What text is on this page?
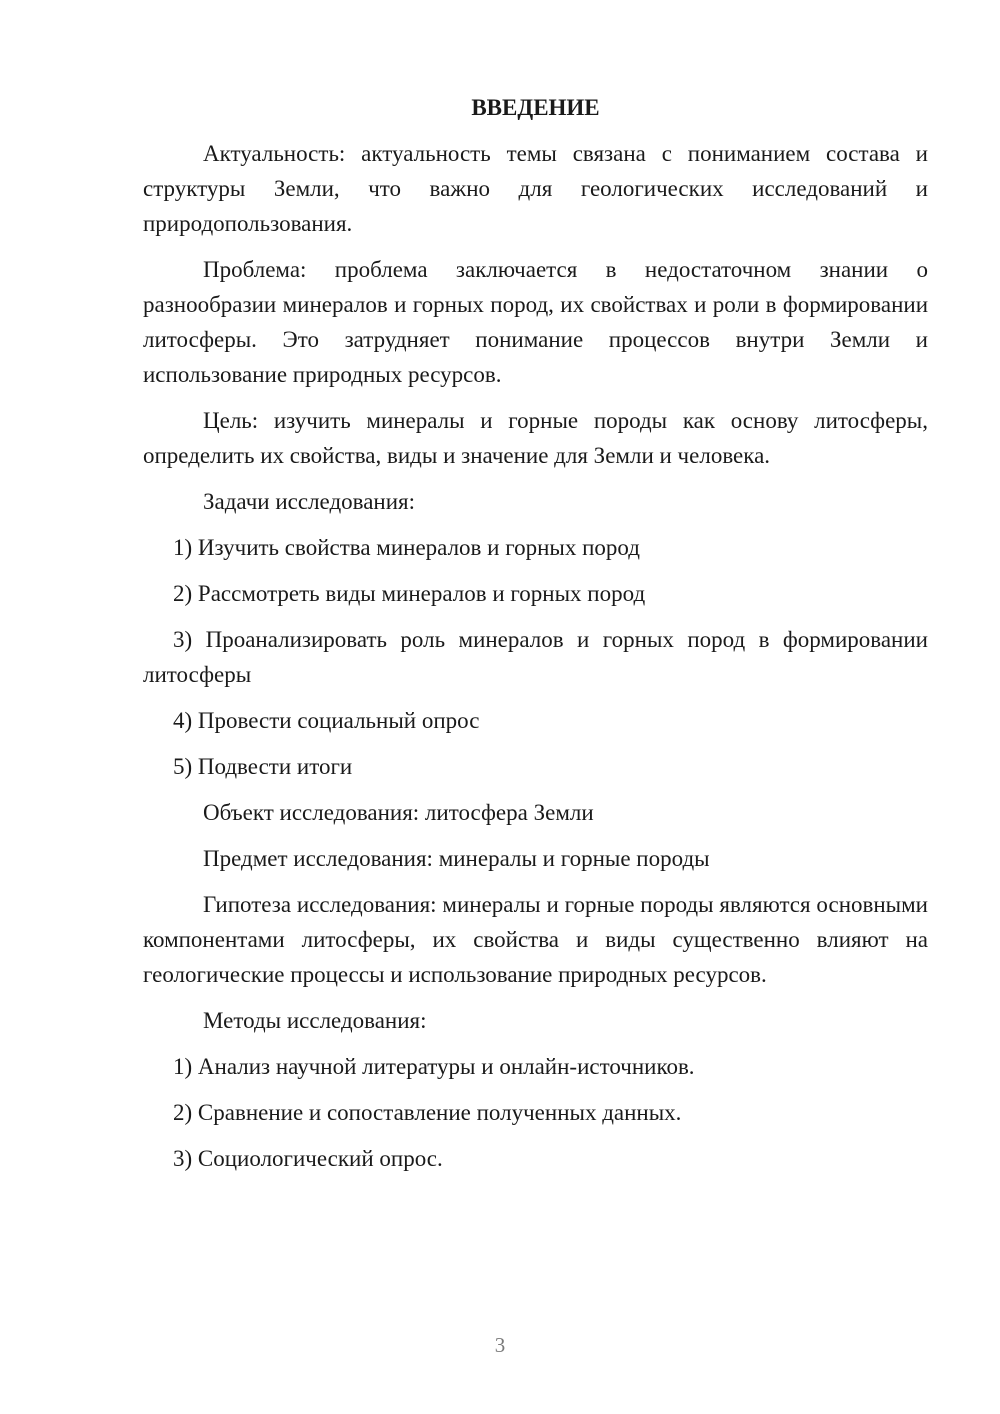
ВВЕДЕНИЕ

Актуальность: актуальность темы связана с пониманием состава и структуры Земли, что важно для геологических исследований и природопользования.

Проблема: проблема заключается в недостаточном знании о разнообразии минералов и горных пород, их свойствах и роли в формировании литосферы. Это затрудняет понимание процессов внутри Земли и использование природных ресурсов.

Цель: изучить минералы и горные породы как основу литосферы, определить их свойства, виды и значение для Земли и человека.

Задачи исследования:

1) Изучить свойства минералов и горных пород

2) Рассмотреть виды минералов и горных пород

3) Проанализировать роль минералов и горных пород в формировании литосферы

4) Провести социальный опрос

5) Подвести итоги

Объект исследования: литосфера Земли

Предмет исследования: минералы и горные породы

Гипотеза исследования: минералы и горные породы являются основными компонентами литосферы, их свойства и виды существенно влияют на геологические процессы и использование природных ресурсов.

Методы исследования:

1) Анализ научной литературы и онлайн-источников.

2) Сравнение и сопоставление полученных данных.

3) Социологический опрос.

3
